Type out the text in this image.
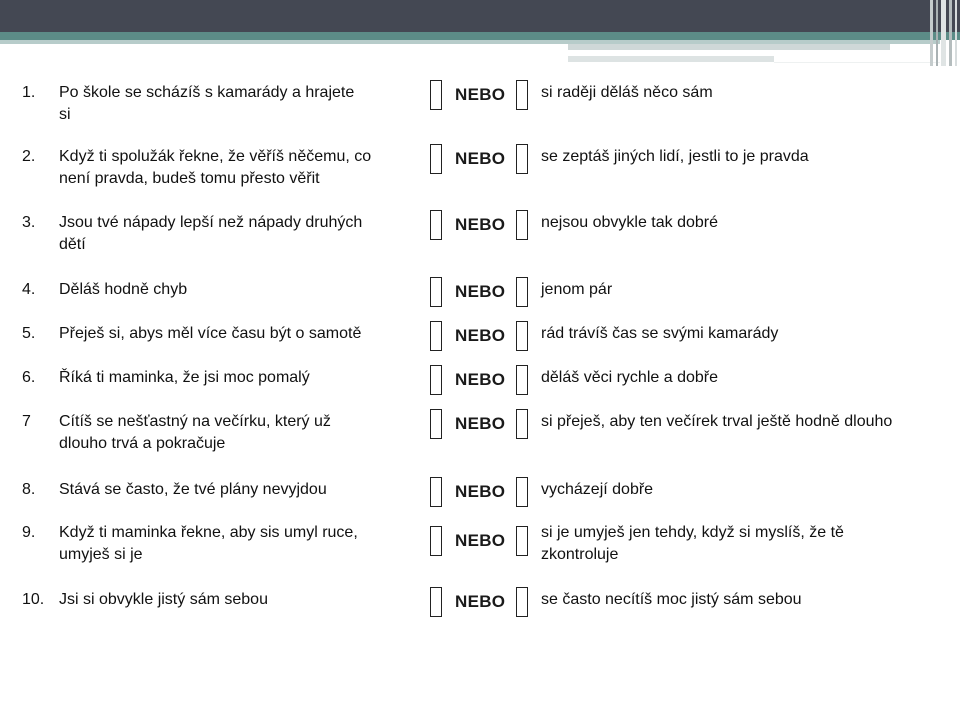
1. Po škole se scházíš s kamarády a hrajete
si
NEBO si raději děláš něco sám
2. Když ti spolužák řekne, že věříš něčemu, co
není pravda, budeš tomu přesto věřit
NEBO se zeptáš jiných lidí, jestli to je pravda
3. Jsou tvé nápady lepší než nápady druhých
dětí
NEBO nejsou obvykle tak dobré
4. Děláš hodně chyb	NEBO jenom pár
5. Přeješ si, abys měl více času být o samotě	NEBO rád trávíš čas se svými kamarády
6. Říká ti maminka, že jsi moc pomalý	NEBO děláš věci rychle a dobře
7 Cítíš se nešťastný na večírku, který už
dlouho trvá a pokračuje
NEBO si přeješ, aby ten večírek trval ještě hodně dlouho
8. Stává se často, že tvé plány nevyjdou	NEBO vycházejí dobře
9. Když ti maminka řekne, aby sis umyl ruce,
umyješ si je
NEBO si je umyješ jen tehdy, když si myslíš, že tě
zkontroluje
10. Jsi si obvykle jistý sám sebou	NEBO se často necítíš moc jistý sám sebou
